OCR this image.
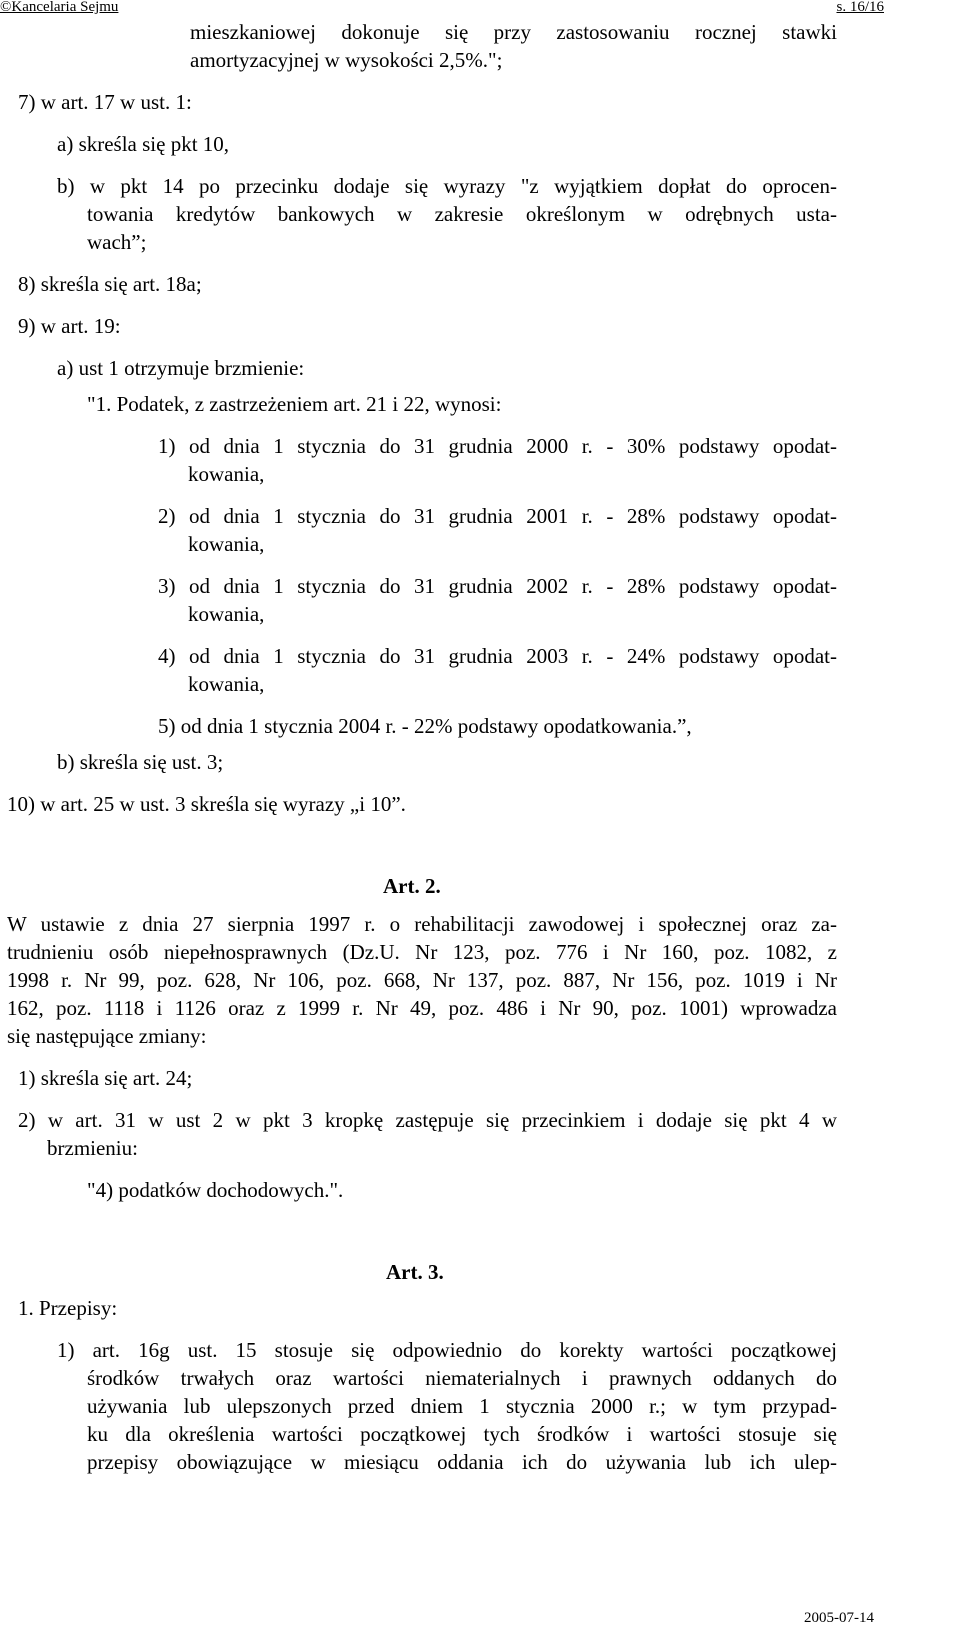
©Kancelaria Sejmu	s. 16/16
mieszkaniowej dokonuje się przy zastosowaniu rocznej stawki
amortyzacyjnej w wysokości 2,5%.";
7) w art. 17 w ust. 1:
a) skreśla się pkt 10,
b) w pkt 14 po przecinku dodaje się wyrazy "z wyjątkiem dopłat do oprocen-
towania kredytów bankowych w zakresie określonym w odrębnych usta-
wach”;
8) skreśla się art. 18a;
9) w art. 19:
a) ust 1 otrzymuje brzmienie:
"1. Podatek, z zastrzeżeniem art. 21 i 22, wynosi:
1) od dnia 1 stycznia do 31 grudnia 2000 r. - 30% podstawy opodat-
kowania,
2) od dnia 1 stycznia do 31 grudnia 2001 r. - 28% podstawy opodat-
kowania,
3) od dnia 1 stycznia do 31 grudnia 2002 r. - 28% podstawy opodat-
kowania,
4) od dnia 1 stycznia do 31 grudnia 2003 r. - 24% podstawy opodat-
kowania,
5) od dnia 1 stycznia 2004 r. - 22% podstawy opodatkowania.”,
b) skreśla się ust. 3;
10) w art. 25 w ust. 3 skreśla się wyrazy „i 10”.
Art. 2.
W ustawie z dnia 27 sierpnia 1997 r. o rehabilitacji zawodowej i społecznej oraz za-
trudnieniu osób niepełnosprawnych (Dz.U. Nr 123, poz. 776 i Nr 160, poz. 1082, z
1998 r. Nr 99, poz. 628, Nr 106, poz. 668, Nr 137, poz. 887, Nr 156, poz. 1019 i Nr
162, poz. 1118 i 1126 oraz z 1999 r. Nr 49, poz. 486 i Nr 90, poz. 1001) wprowadza
się następujące zmiany:
1) skreśla się art. 24;
2) w art. 31 w ust 2 w pkt 3 kropkę zastępuje się przecinkiem i dodaje się pkt 4 w
brzmieniu:
"4) podatków dochodowych.".
Art. 3.
1. Przepisy:
1) art. 16g ust. 15 stosuje się odpowiednio do korekty wartości początkowej
środków trwałych oraz wartości niematerialnych i prawnych oddanych do
używania lub ulepszonych przed dniem 1 stycznia 2000 r.; w tym przypad-
ku dla określenia wartości początkowej tych środków i wartości stosuje się
przepisy obowiązujące w miesiącu oddania ich do używania lub ich ulep-
2005-07-14
